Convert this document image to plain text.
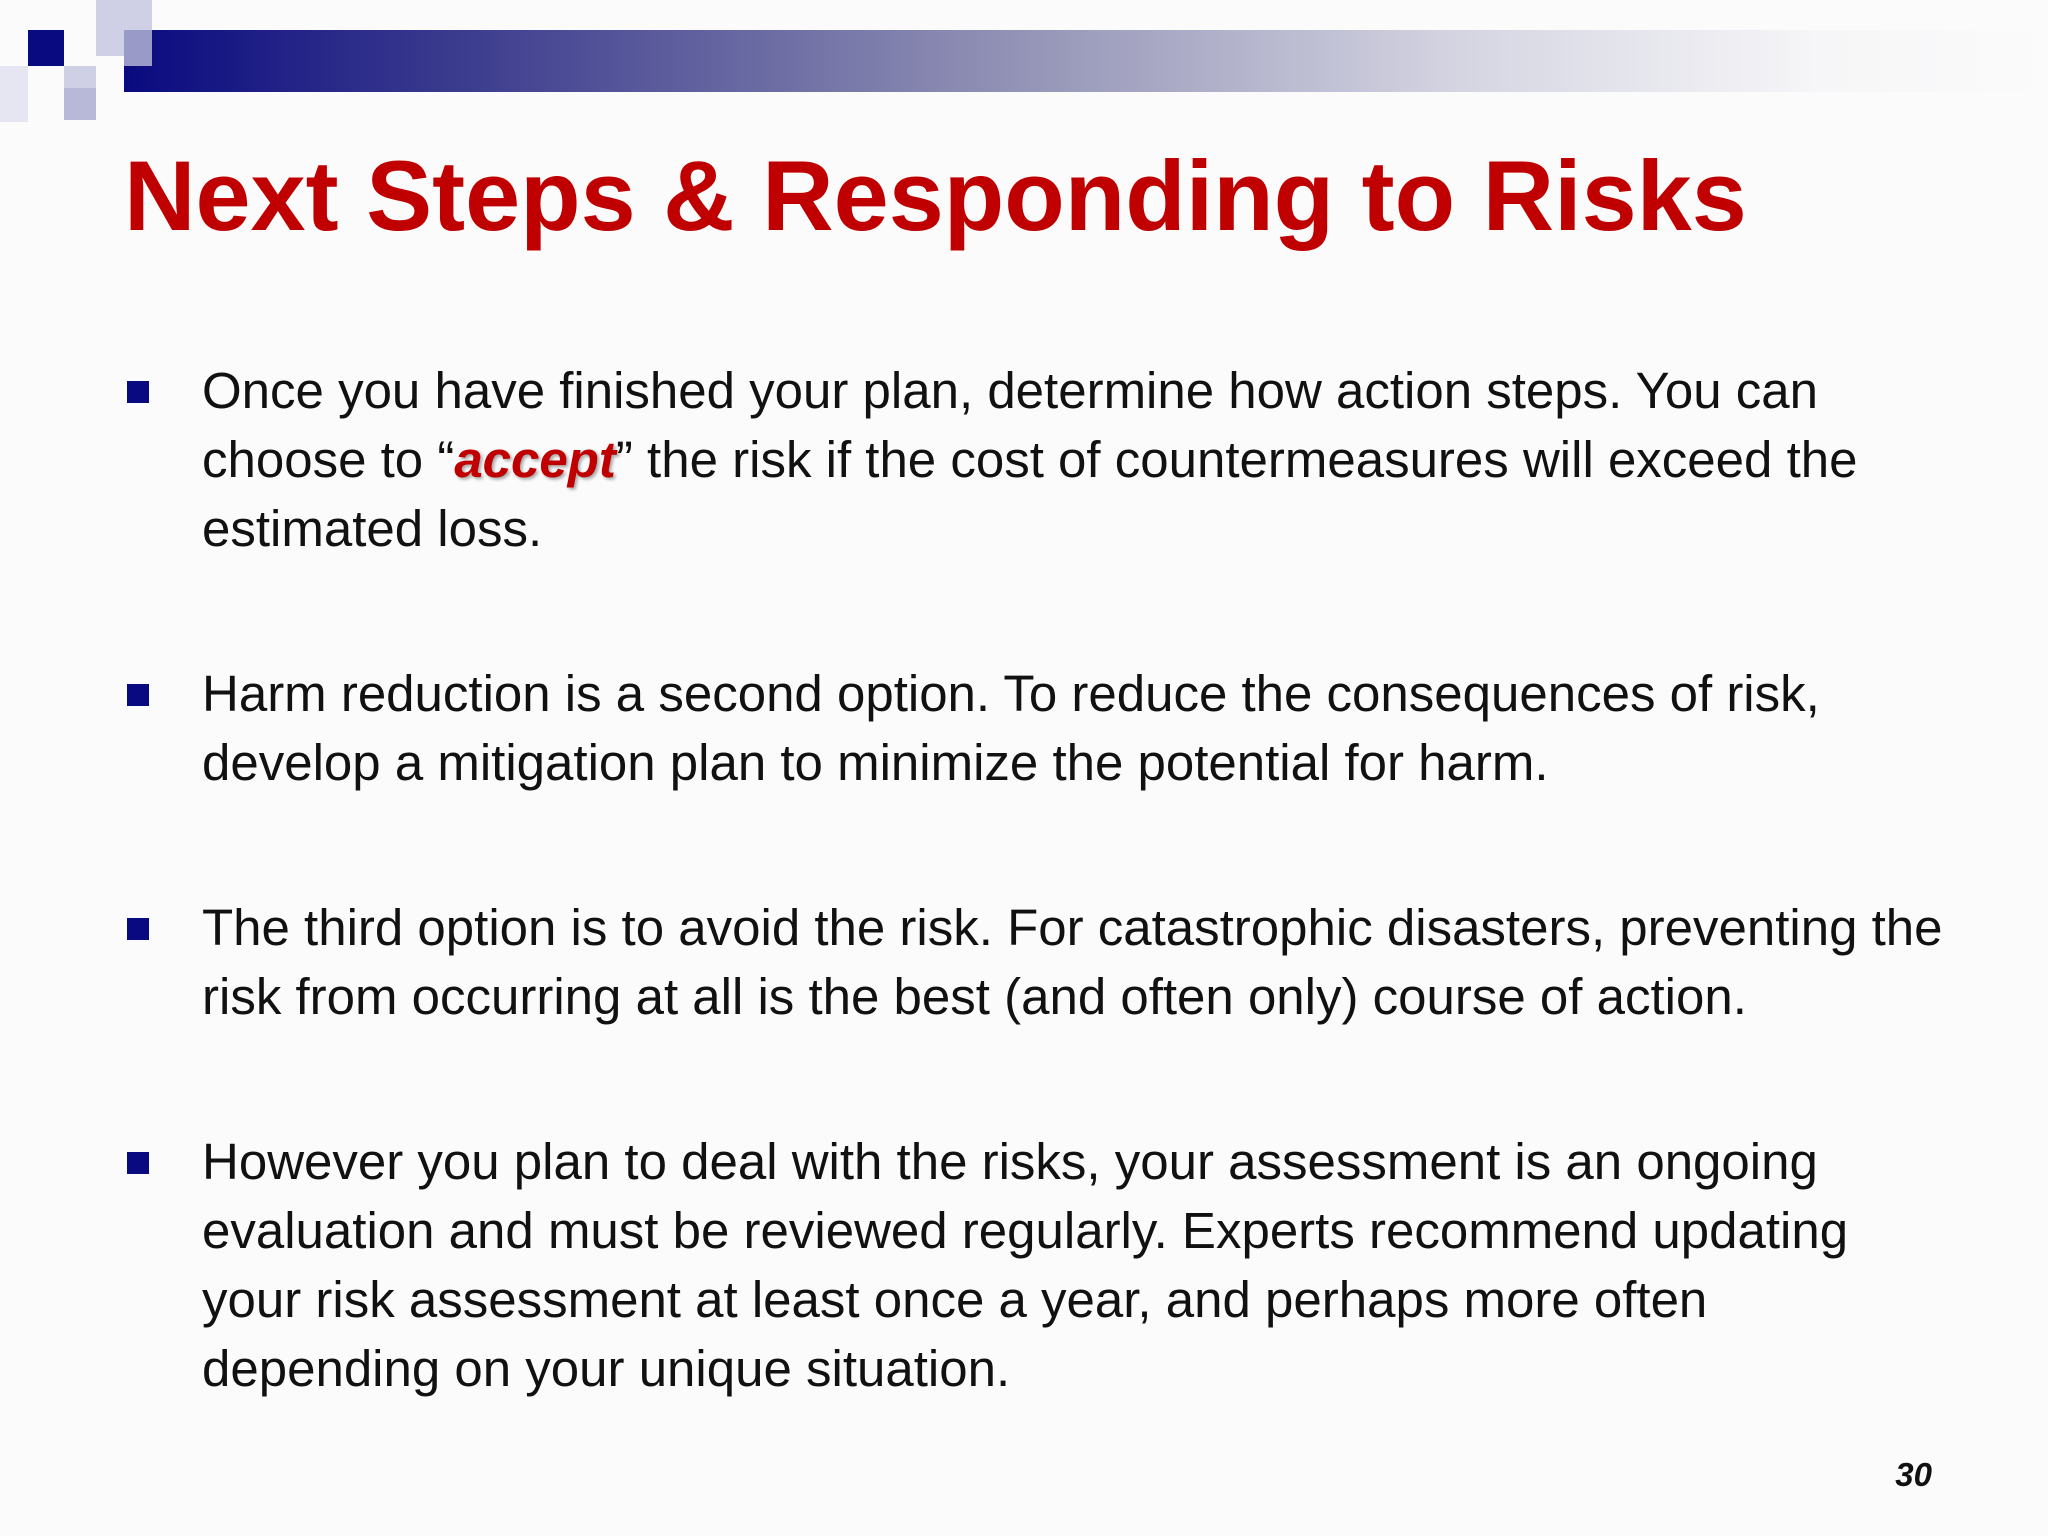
Next Steps & Responding to Risks
Once you have finished your plan, determine how action steps. You can choose to “accept” the risk if the cost of countermeasures will exceed the estimated loss.
Harm reduction is a second option. To reduce the consequences of risk, develop a mitigation plan to minimize the potential for harm.
The third option is to avoid the risk. For catastrophic disasters, preventing the risk from occurring at all is the best (and often only) course of action.
However you plan to deal with the risks, your assessment is an ongoing evaluation and must be reviewed regularly. Experts recommend updating your risk assessment at least once a year, and perhaps more often depending on your unique situation.
30
